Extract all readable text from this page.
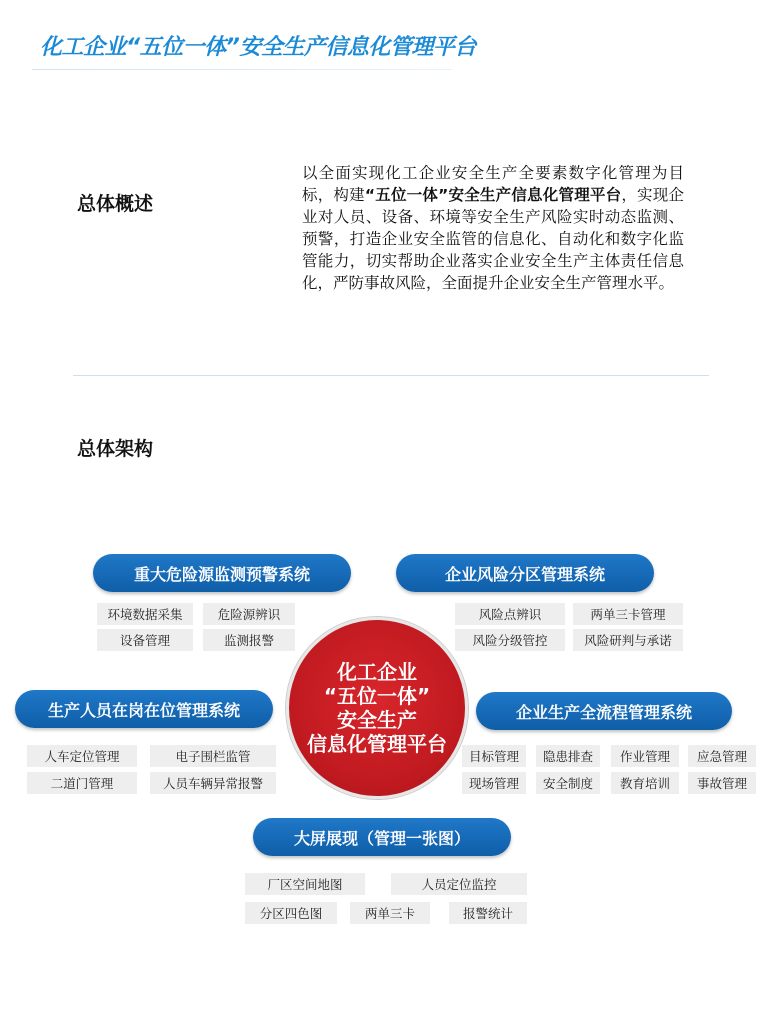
化工企业“五位一体”安全生产信息化管理平台
总体概述
以全面实现化工企业安全生产全要素数字化管理为目标，构建“五位一体”安全生产信息化管理平台，实现企业对人员、设备、环境等安全生产风险实时动态监测、预警，打造企业安全监管的信息化、自动化和数字化监管能力，切实帮助企业落实企业安全生产主体责任信息化，严防事故风险，全面提升企业安全生产管理水平。
总体架构
重大危险源监测预警系统
环境数据采集	危险源辨识
设备管理	监测报警
企业风险分区管理系统
风险点辨识	两单三卡管理
风险分级管控	风险研判与承诺
生产人员在岗在位管理系统
人车定位管理	电子围栏监管
二道门管理	人员车辆异常报警
企业生产全流程管理系统
目标管理	隐患排查	作业管理	应急管理
现场管理	安全制度	教育培训	事故管理
大屏展现（管理一张图）
厂区空间地图	人员定位监控
分区四色图	两单三卡	报警统计
化工企业
“五位一体”
安全生产
信息化管理平台
